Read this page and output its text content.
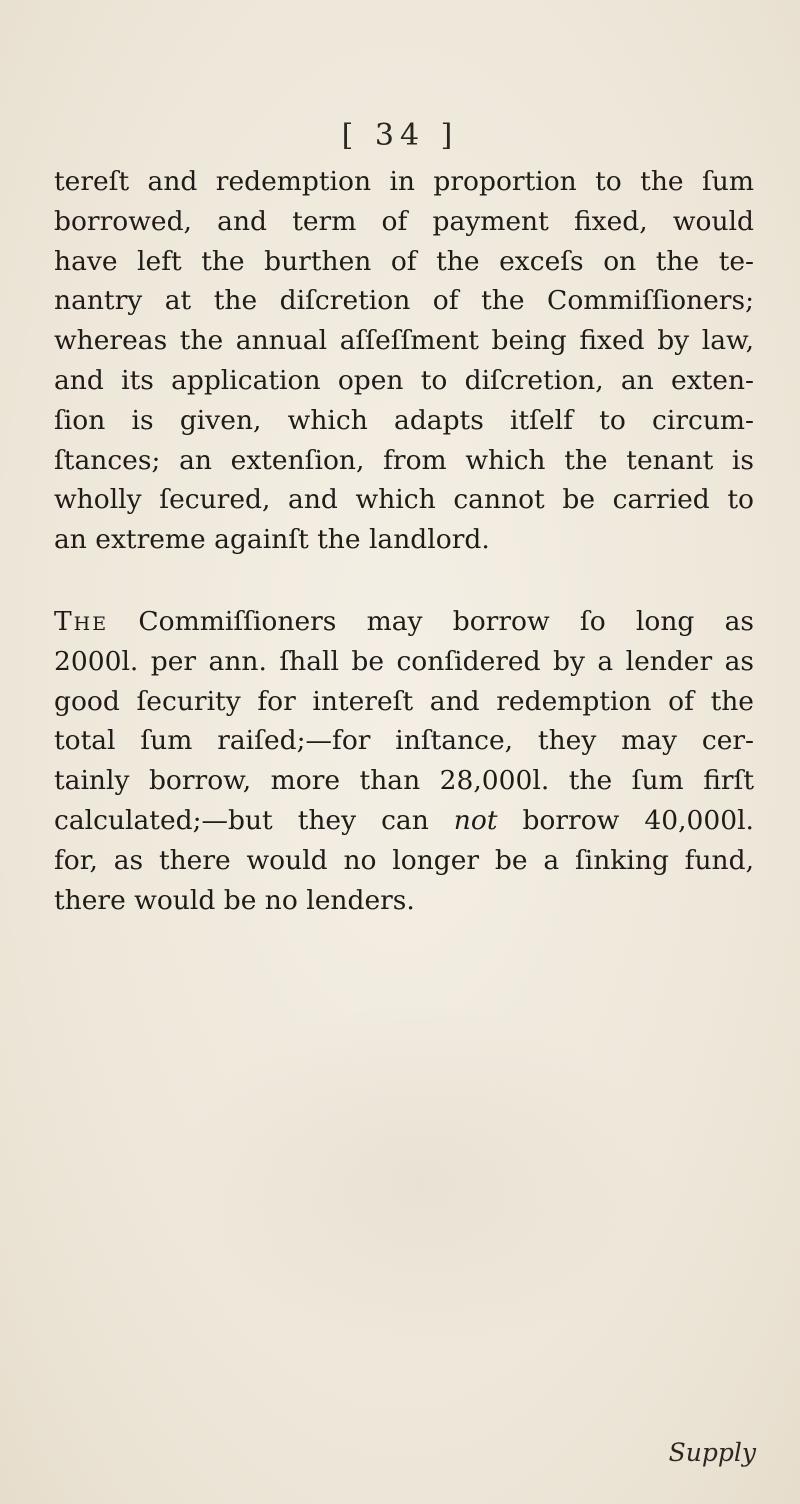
[ 34 ]
tereſt and redemption in proportion to the ſum
borrowed, and term of payment fixed, would
have left the burthen of the exceſs on the te-
nantry at the diſcretion of the Commiſſioners;
whereas the annual aſſeſſment being fixed by law,
and its application open to diſcretion, an exten-
ſion is given, which adapts itſelf to circum-
ſtances; an extenſion, from which the tenant is
wholly ſecured, and which cannot be carried to
an extreme againſt the landlord.
The Commiſſioners may borrow ſo long as
2000l. per ann. ſhall be conſidered by a lender as
good ſecurity for intereſt and redemption of the
total ſum raiſed;—for inſtance, they may cer-
tainly borrow, more than 28,000l. the ſum firſt
calculated;—but they can not borrow 40,000l.
for, as there would no longer be a ſinking fund,
there would be no lenders.
Supply
